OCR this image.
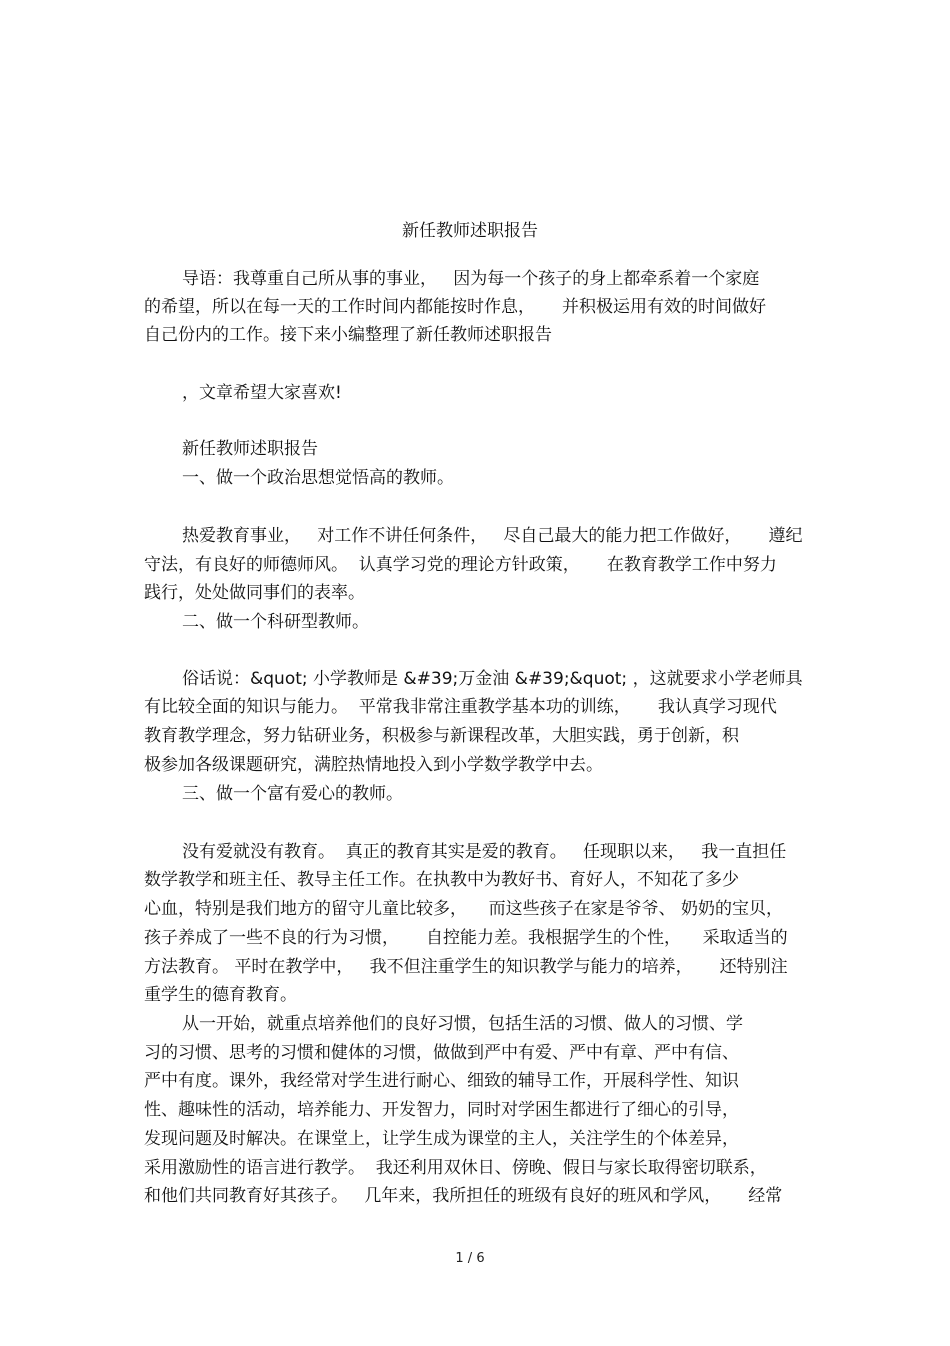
新任教师述职报告
导语：我尊重自己所从事的事业，   因为每一个孩子的身上都牵系着一个家庭
的希望，所以在每一天的工作时间内都能按时作息，     并积极运用有效的时间做好
自己份内的工作。接下来小编整理了新任教师述职报告
，文章希望大家喜欢!
新任教师述职报告
一、做一个政治思想觉悟高的教师。
热爱教育事业，   对工作不讲任何条件，   尽自己最大的能力把工作做好，     遵纪
守法，有良好的师德师风。  认真学习党的理论方针政策，     在教育教学工作中努力
践行，处处做同事们的表率。
二、做一个科研型教师。
俗话说：&quot; 小学教师是 &#39;万金油 &#39;&quot; ，这就要求小学老师具
有比较全面的知识与能力。  平常我非常注重教学基本功的训练，     我认真学习现代
教育教学理念，努力钻研业务，积极参与新课程改革，大胆实践，勇于创新，积
极参加各级课题研究，满腔热情地投入到小学数学教学中去。
三、做一个富有爱心的教师。
没有爱就没有教育。  真正的教育其实是爱的教育。   任现职以来，   我一直担任
数学教学和班主任、教导主任工作。在执教中为教好书、育好人，不知花了多少
心血，特别是我们地方的留守儿童比较多，    而这些孩子在家是爷爷、 奶奶的宝贝，
孩子养成了一些不良的行为习惯，     自控能力差。我根据学生的个性，    采取适当的
方法教育。 平时在教学中，   我不但注重学生的知识教学与能力的培养，     还特别注
重学生的德育教育。
从一开始，就重点培养他们的良好习惯，包括生活的习惯、做人的习惯、学
习的习惯、思考的习惯和健体的习惯，做做到严中有爱、严中有章、严中有信、
严中有度。课外，我经常对学生进行耐心、细致的辅导工作，开展科学性、知识
性、趣味性的活动，培养能力、开发智力，同时对学困生都进行了细心的引导，
发现问题及时解决。在课堂上，让学生成为课堂的主人，关注学生的个体差异，
采用激励性的语言进行教学。  我还利用双休日、傍晚、假日与家长取得密切联系，
和他们共同教育好其孩子。   几年来，我所担任的班级有良好的班风和学风，     经常
1 / 6
